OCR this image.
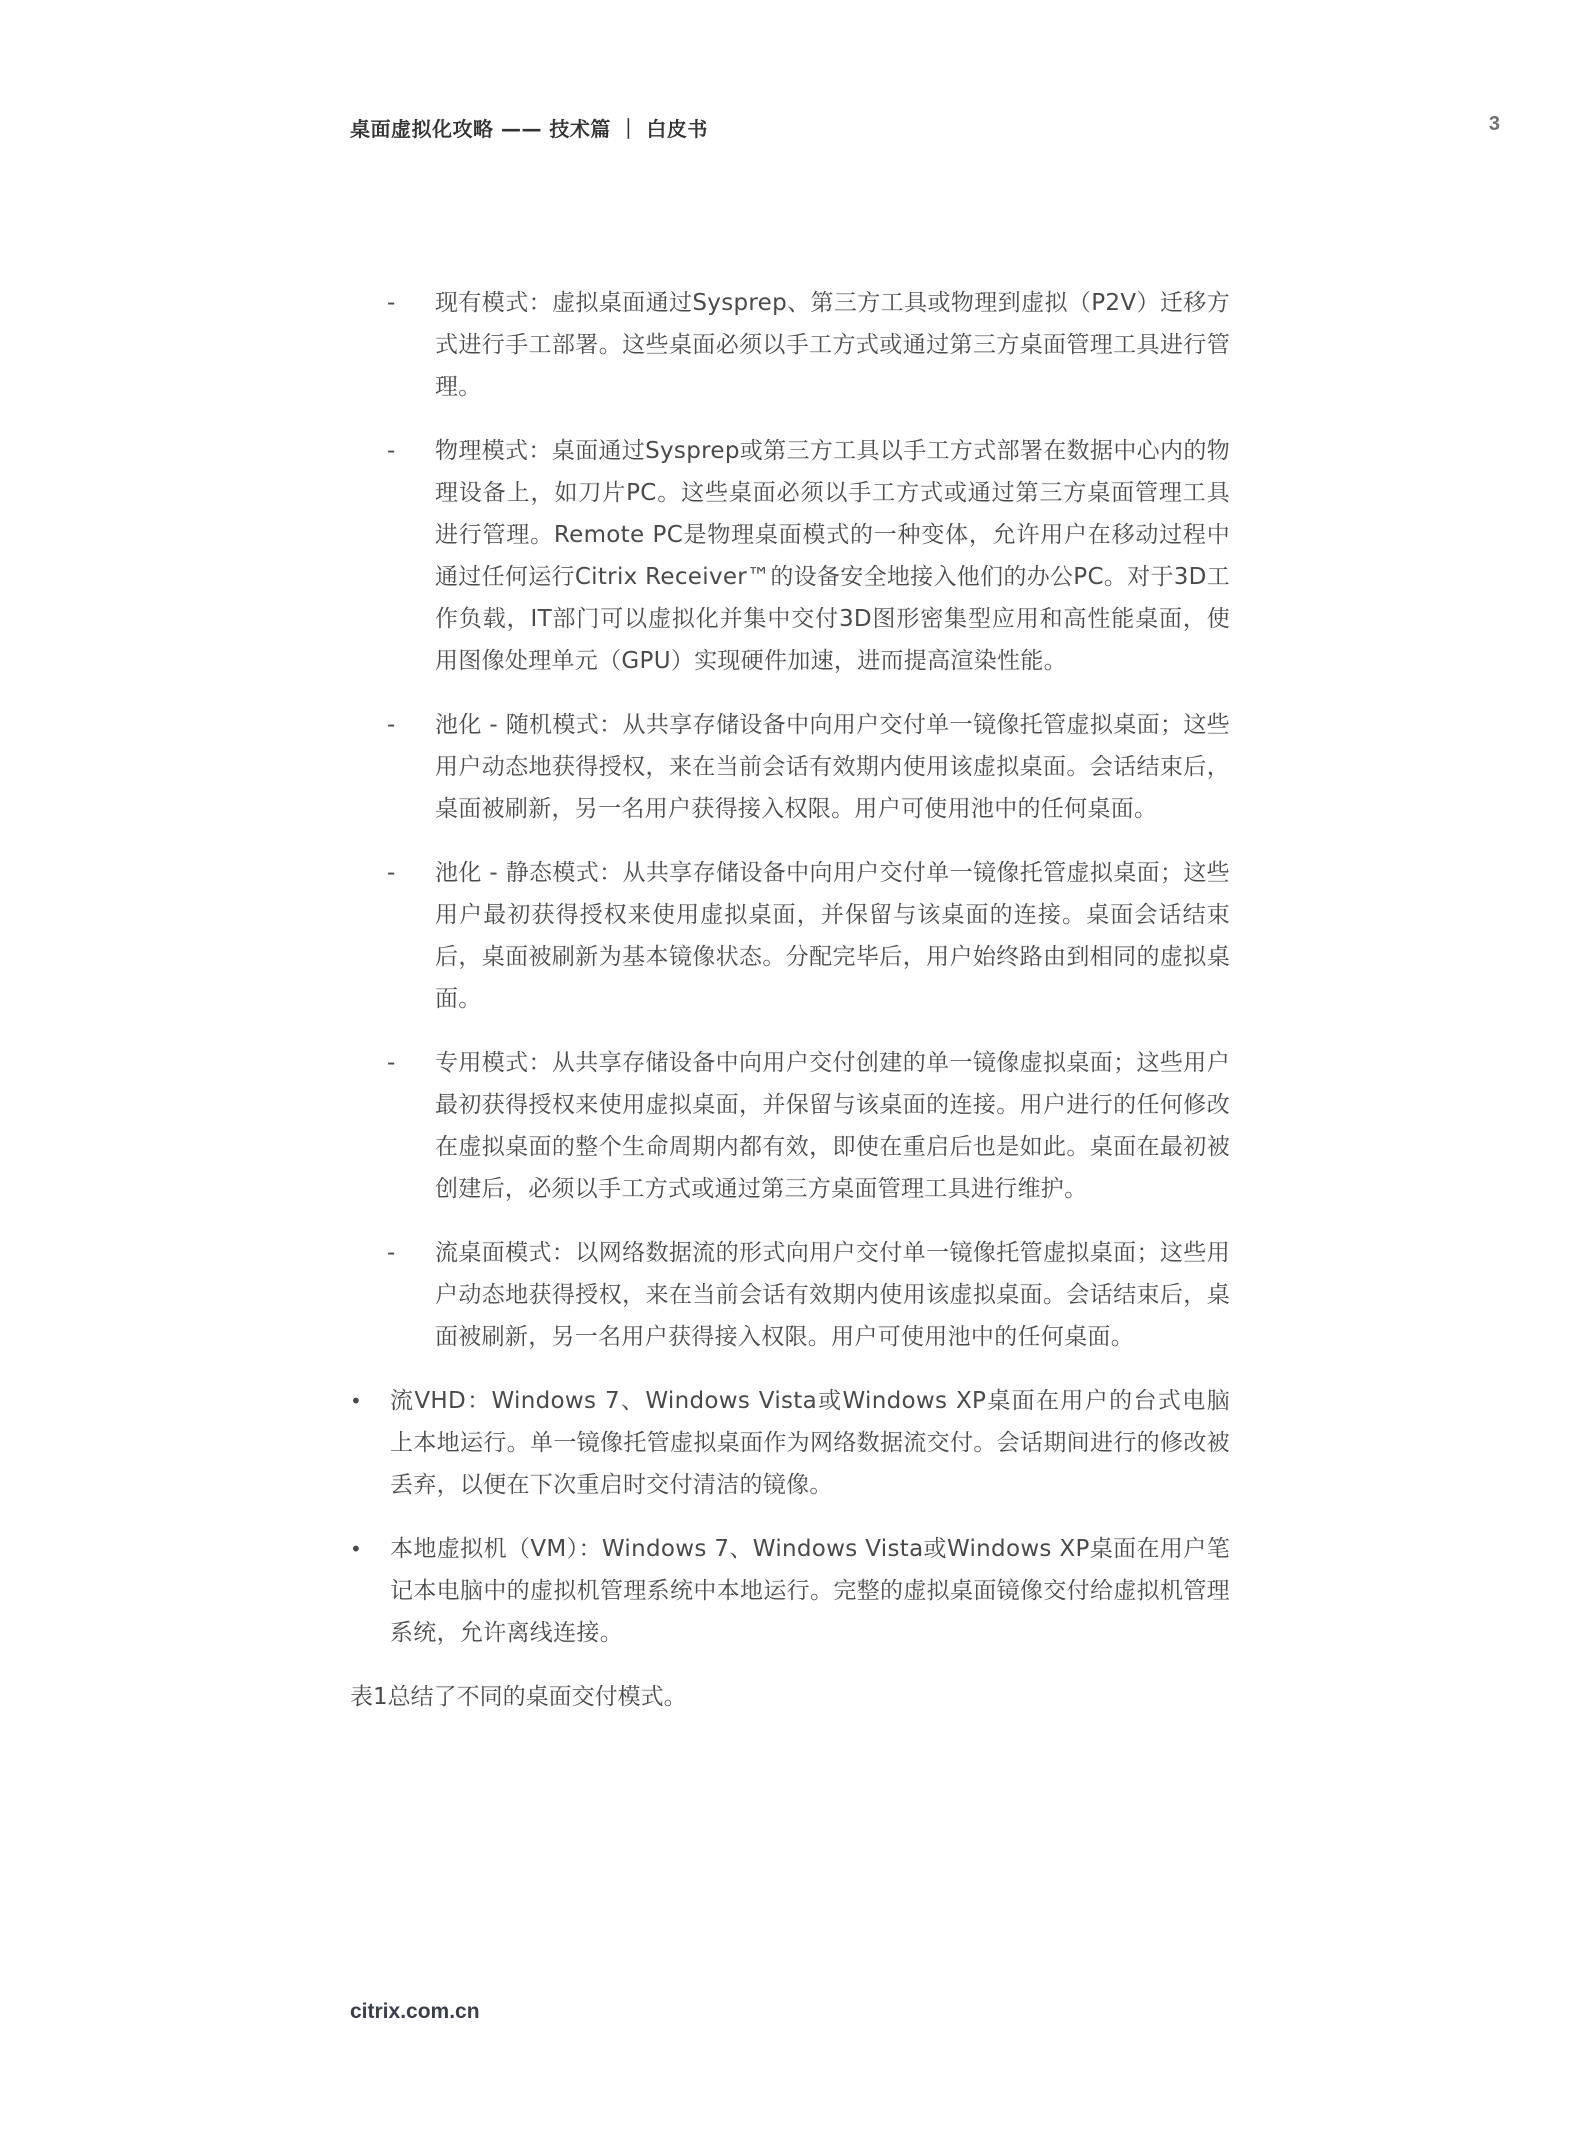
桌面虚拟化攻略 —— 技术篇 ｜ 白皮书	3
- 现有模式：虚拟桌面通过Sysprep、第三方工具或物理到虚拟（P2V）迁移方式进行手工部署。这些桌面必须以手工方式或通过第三方桌面管理工具进行管理。
- 物理模式：桌面通过Sysprep或第三方工具以手工方式部署在数据中心内的物理设备上，如刀片PC。这些桌面必须以手工方式或通过第三方桌面管理工具进行管理。Remote PC是物理桌面模式的一种变体，允许用户在移动过程中通过任何运行Citrix Receiver™的设备安全地接入他们的办公PC。对于3D工作负载，IT部门可以虚拟化并集中交付3D图形密集型应用和高性能桌面，使用图像处理单元（GPU）实现硬件加速，进而提高渲染性能。
- 池化 - 随机模式：从共享存储设备中向用户交付单一镜像托管虚拟桌面；这些用户动态地获得授权，来在当前会话有效期内使用该虚拟桌面。会话结束后，桌面被刷新，另一名用户获得接入权限。用户可使用池中的任何桌面。
- 池化 - 静态模式：从共享存储设备中向用户交付单一镜像托管虚拟桌面；这些用户最初获得授权来使用虚拟桌面，并保留与该桌面的连接。桌面会话结束后，桌面被刷新为基本镜像状态。分配完毕后，用户始终路由到相同的虚拟桌面。
- 专用模式：从共享存储设备中向用户交付创建的单一镜像虚拟桌面；这些用户最初获得授权来使用虚拟桌面，并保留与该桌面的连接。用户进行的任何修改在虚拟桌面的整个生命周期内都有效，即使在重启后也是如此。桌面在最初被创建后，必须以手工方式或通过第三方桌面管理工具进行维护。
- 流桌面模式：以网络数据流的形式向用户交付单一镜像托管虚拟桌面；这些用户动态地获得授权，来在当前会话有效期内使用该虚拟桌面。会话结束后，桌面被刷新，另一名用户获得接入权限。用户可使用池中的任何桌面。
• 流VHD：Windows 7、Windows Vista或Windows XP桌面在用户的台式电脑上本地运行。单一镜像托管虚拟桌面作为网络数据流交付。会话期间进行的修改被丢弃，以便在下次重启时交付清洁的镜像。
• 本地虚拟机（VM）：Windows 7、Windows Vista或Windows XP桌面在用户笔记本电脑中的虚拟机管理系统中本地运行。完整的虚拟桌面镜像交付给虚拟机管理系统，允许离线连接。

表1总结了不同的桌面交付模式。

citrix.com.cn
